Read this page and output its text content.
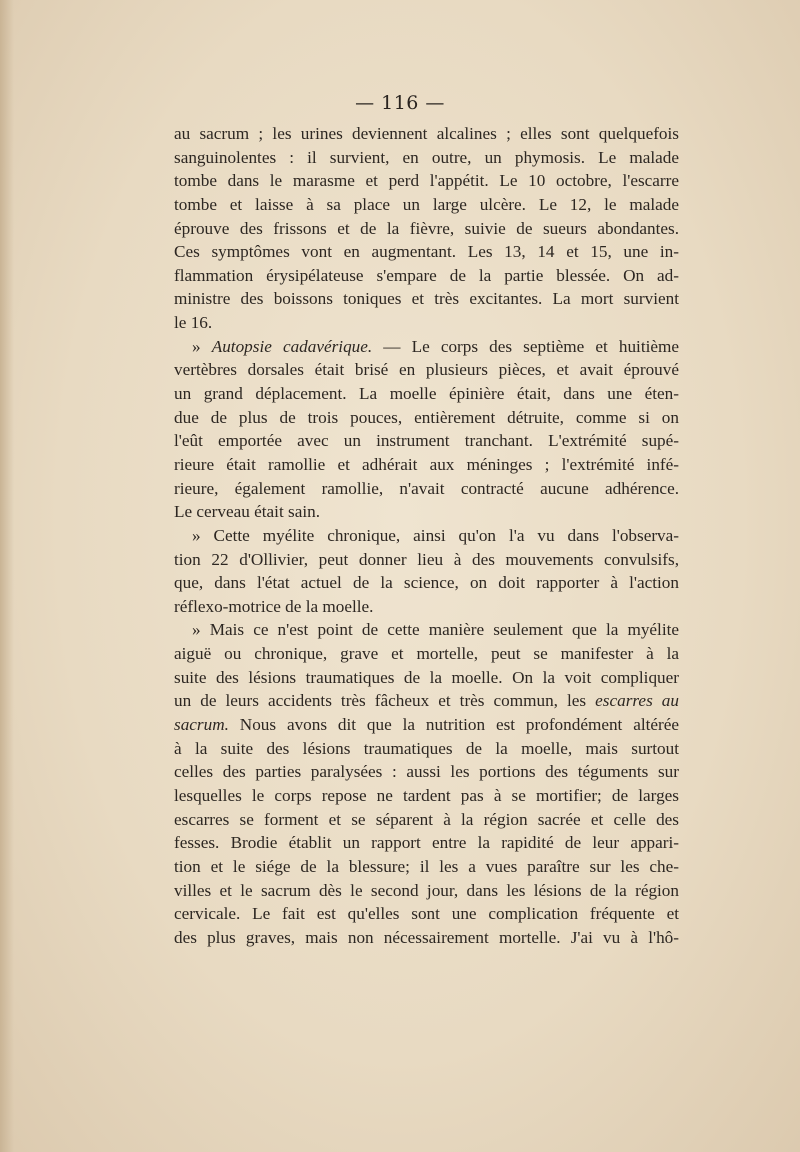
— 116 —
au sacrum ; les urines deviennent alcalines ; elles sont quelquefois
sanguinolentes : il survient, en outre, un phymosis. Le malade
tombe dans le marasme et perd l'appétit. Le 10 octobre, l'escarre
tombe et laisse à sa place un large ulcère. Le 12, le malade
éprouve des frissons et de la fièvre, suivie de sueurs abondantes.
Ces symptômes vont en augmentant. Les 13, 14 et 15, une in-
flammation érysipélateuse s'empare de la partie blessée. On ad-
ministre des boissons toniques et très excitantes. La mort survient
le 16.
» Autopsie cadavérique. — Le corps des septième et huitième
vertèbres dorsales était brisé en plusieurs pièces, et avait éprouvé
un grand déplacement. La moelle épinière était, dans une éten-
due de plus de trois pouces, entièrement détruite, comme si on
l'eût emportée avec un instrument tranchant. L'extrémité supé-
rieure était ramollie et adhérait aux méninges ; l'extrémité infé-
rieure, également ramollie, n'avait contracté aucune adhérence.
Le cerveau était sain.
» Cette myélite chronique, ainsi qu'on l'a vu dans l'observa-
tion 22 d'Ollivier, peut donner lieu à des mouvements convulsifs,
que, dans l'état actuel de la science, on doit rapporter à l'action
réflexo-motrice de la moelle.
» Mais ce n'est point de cette manière seulement que la myélite
aiguë ou chronique, grave et mortelle, peut se manifester à la
suite des lésions traumatiques de la moelle. On la voit compliquer
un de leurs accidents très fâcheux et très commun, les escarres au
sacrum. Nous avons dit que la nutrition est profondément altérée
à la suite des lésions traumatiques de la moelle, mais surtout
celles des parties paralysées : aussi les portions des téguments sur
lesquelles le corps repose ne tardent pas à se mortifier; de larges
escarres se forment et se séparent à la région sacrée et celle des
fesses. Brodie établit un rapport entre la rapidité de leur appari-
tion et le siége de la blessure; il les a vues paraître sur les che-
villes et le sacrum dès le second jour, dans les lésions de la région
cervicale. Le fait est qu'elles sont une complication fréquente et
des plus graves, mais non nécessairement mortelle. J'ai vu à l'hô-
